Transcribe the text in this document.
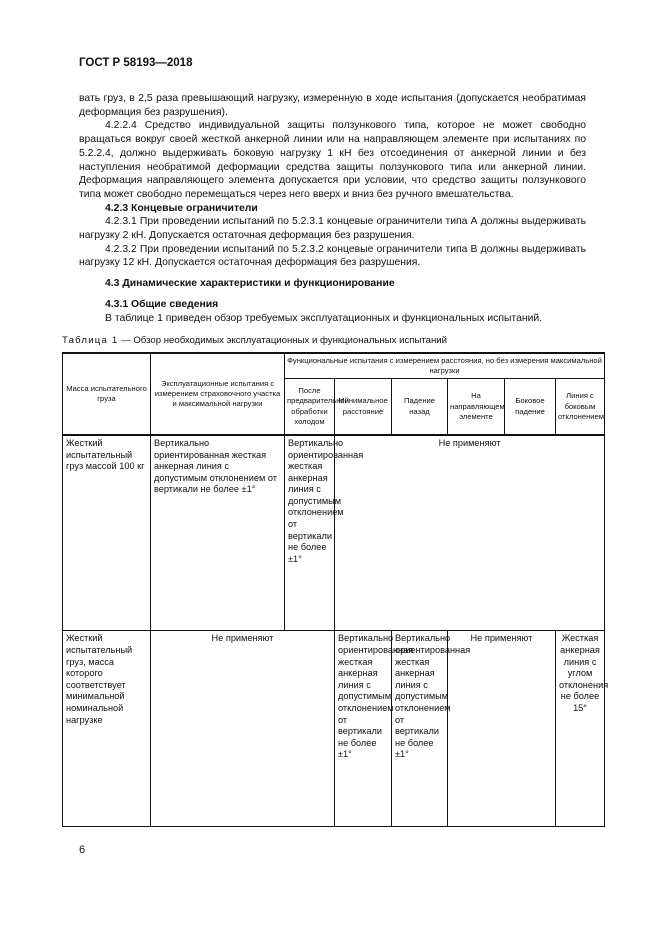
ГОСТ Р 58193—2018

вать груз, в 2,5 раза превышающий нагрузку, измеренную в ходе испытания (допускается необратимая деформация без разрушения).

4.2.2.4 Средство индивидуальной защиты ползункового типа, которое не может свободно вращаться вокруг своей жесткой анкерной линии или на направляющем элементе при испытаниях по 5.2.2.4, должно выдерживать боковую нагрузку 1 кН без отсоединения от анкерной линии и без наступления необратимой деформации средства защиты ползункового типа или анкерной линии. Деформация направляющего элемента допускается при условии, что средство защиты ползункового типа может свободно перемещаться через него вверх и вниз без ручного вмешательства.

4.2.3 Концевые ограничители

4.2.3.1 При проведении испытаний по 5.2.3.1 концевые ограничители типа А должны выдерживать нагрузку 2 кН. Допускается остаточная деформация без разрушения.

4.2.3.2 При проведении испытаний по 5.2.3.2 концевые ограничители типа В должны выдерживать нагрузку 12 кН. Допускается остаточная деформация без разрушения.

4.3 Динамические характеристики и функционирование

4.3.1 Общие сведения

В таблице 1 приведен обзор требуемых эксплуатационных и функциональных испытаний.

Таблица 1 — Обзор необходимых эксплуатационных и функциональных испытаний
Масса испытательного груза	Эксплуатационные испытания с измерением страховочного участка и максимальной нагрузки	Функциональные испытания с измерением расстояния, но без измерения максимальной нагрузки					
		После предварительной обработки холодом	Минимальное расстояние	Падение назад	На направляющем элементе	Боковое падение	Линия с боковым отклонением
Жесткий испытательный груз массой 100 кг	Вертикально ориентированная жесткая анкерная линия с допустимым отклонением от вертикали не более ±1°	Вертикально ориентированная жесткая анкерная линия с допустимым отклонением от вертикали не более ±1°	Не применяют				
Жесткий испытательный груз, масса которого соответствует минимальной номинальной нагрузке	Не применяют		Вертикально ориентированная жесткая анкерная линия с допустимым отклонением от вертикали не более ±1°	Вертикально ориентированная жесткая анкерная линия с допустимым отклонением от вертикали не более ±1°	Не применяют		Жесткая анкерная линия с углом отклонения не более 15°
6
